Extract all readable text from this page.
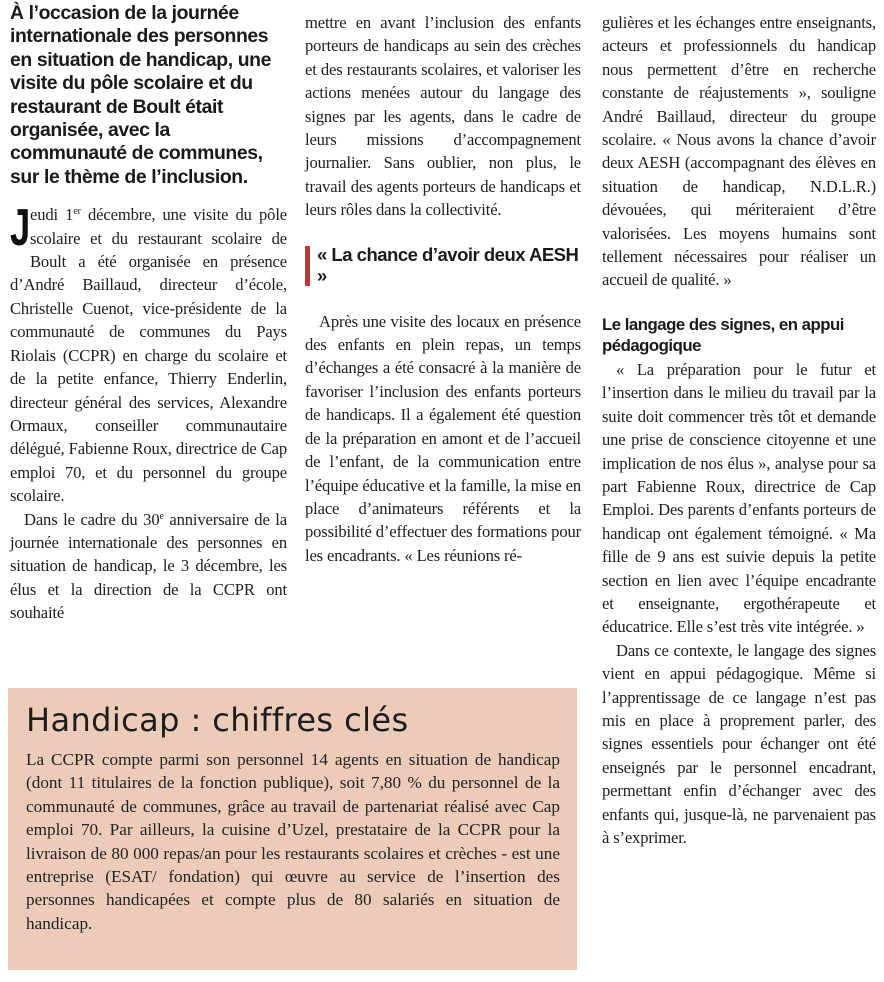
À l’occasion de la journée internationale des personnes en situation de handicap, une visite du pôle scolaire et du restaurant de Boult était organisée, avec la communauté de communes, sur le thème de l’inclusion.

Jeudi 1er décembre, une visite du pôle scolaire et du restaurant scolaire de Boult a été organisée en présence d’André Baillaud, directeur d’école, Christelle Cuenot, vice-présidente de la communauté de communes du Pays Riolais (CCPR) en charge du scolaire et de la petite enfance, Thierry Enderlin, directeur général des services, Alexandre Ormaux, conseiller communautaire délégué, Fabienne Roux, directrice de Cap emploi 70, et du personnel du groupe scolaire.

Dans le cadre du 30e anniversaire de la journée internationale des personnes en situation de handicap, le 3 décembre, les élus et la direction de la CCPR ont souhaité

mettre en avant l’inclusion des enfants porteurs de handicaps au sein des crèches et des restaurants scolaires, et valoriser les actions menées autour du langage des signes par les agents, dans le cadre de leurs missions d’accompagnement journalier. Sans oublier, non plus, le travail des agents porteurs de handicaps et leurs rôles dans la collectivité.

« La chance d’avoir deux AESH »

Après une visite des locaux en présence des enfants en plein repas, un temps d’échanges a été consacré à la manière de favoriser l’inclusion des enfants porteurs de handicaps. Il a également été question de la préparation en amont et de l’accueil de l’enfant, de la communication entre l’équipe éducative et la famille, la mise en place d’animateurs référents et la possibilité d’effectuer des formations pour les encadrants. « Les réunions ré-

gulières et les échanges entre enseignants, acteurs et professionnels du handicap nous permettent d’être en recherche constante de réajustements », souligne André Baillaud, directeur du groupe scolaire. « Nous avons la chance d’avoir deux AESH (accompagnant des élèves en situation de handicap, N.D.L.R.) dévouées, qui mériteraient d’être valorisées. Les moyens humains sont tellement nécessaires pour réaliser un accueil de qualité. »

Le langage des signes, en appui pédagogique

« La préparation pour le futur et l’insertion dans le milieu du travail par la suite doit commencer très tôt et demande une prise de conscience citoyenne et une implication de nos élus », analyse pour sa part Fabienne Roux, directrice de Cap Emploi. Des parents d’enfants porteurs de handicap ont également témoigné. « Ma fille de 9 ans est suivie depuis la petite section en lien avec l’équipe encadrante et enseignante, ergothérapeute et éducatrice. Elle s’est très vite intégrée. »

Dans ce contexte, le langage des signes vient en appui pédagogique. Même si l’apprentissage de ce langage n’est pas mis en place à proprement parler, des signes essentiels pour échanger ont été enseignés par le personnel encadrant, permettant enfin d’échanger avec des enfants qui, jusque-là, ne parvenaient pas à s’exprimer.

Handicap : chiffres clés

La CCPR compte parmi son personnel 14 agents en situation de handicap (dont 11 titulaires de la fonction publique), soit 7,80 % du personnel de la communauté de communes, grâce au travail de partenariat réalisé avec Cap emploi 70. Par ailleurs, la cuisine d’Uzel, prestataire de la CCPR pour la livraison de 80 000 repas/an pour les restaurants scolaires et crèches - est une entreprise (ESAT/ fondation) qui œuvre au service de l’insertion des personnes handicapées et compte plus de 80 salariés en situation de handicap.
